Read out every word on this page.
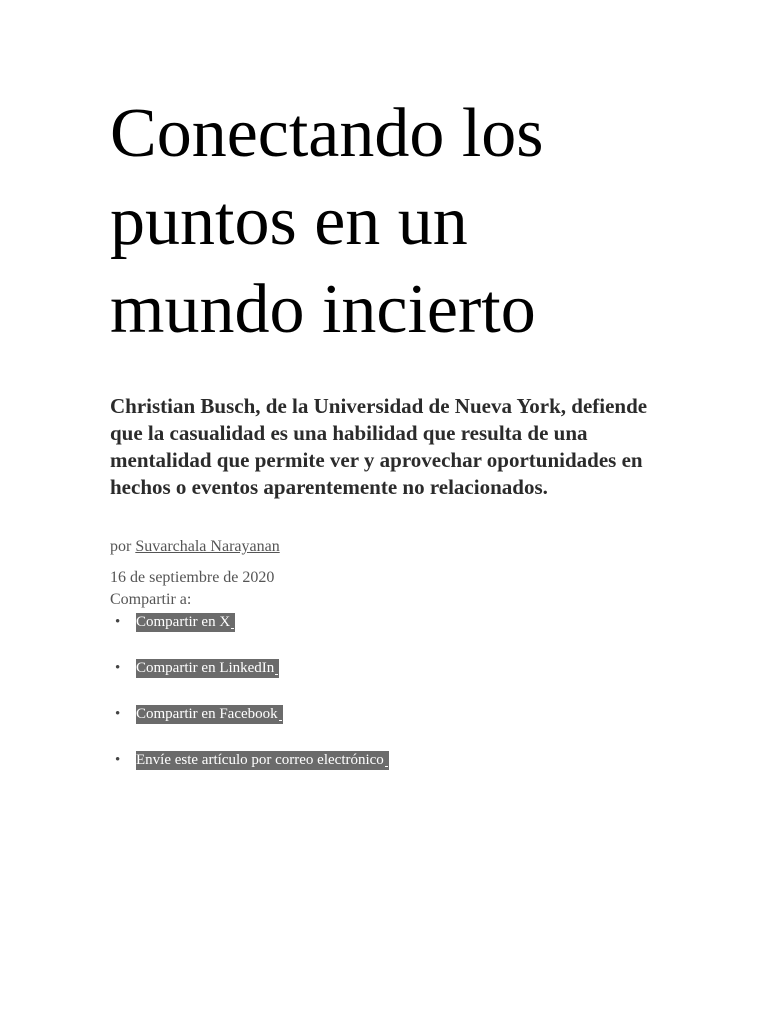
Conectando los puntos en un mundo incierto

Christian Busch, de la Universidad de Nueva York, defiende que la casualidad es una habilidad que resulta de una mentalidad que permite ver y aprovechar oportunidades en hechos o eventos aparentemente no relacionados.

por Suvarchala Narayanan
16 de septiembre de 2020
Compartir a:
• Compartir en X
• Compartir en LinkedIn
• Compartir en Facebook
• Envíe este artículo por correo electrónico
